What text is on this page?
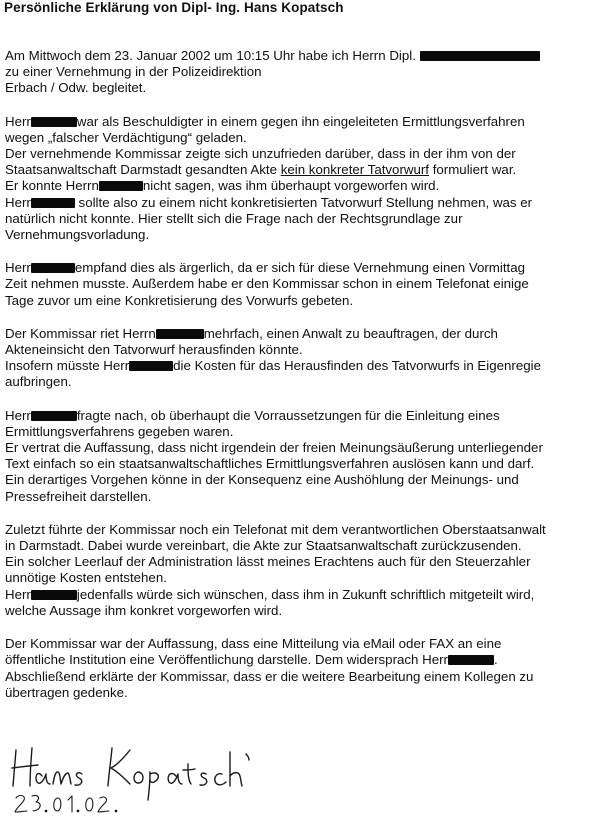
Persönliche Erklärung von Dipl- Ing. Hans Kopatsch
Am Mittwoch dem 23. Januar 2002 um 10:15 Uhr habe ich Herrn Dipl.
zu einer Vernehmung in der Polizeidirektion
Erbach / Odw. begleitet.
Herr	war als Beschuldigter in einem gegen ihn eingeleiteten Ermittlungsverfahren
wegen „falscher Verdächtigung“ geladen.
Der vernehmende Kommissar zeigte sich unzufrieden darüber, dass in der ihm von der
Staatsanwaltschaft Darmstadt gesandten Akte kein konkreter Tatvorwurf formuliert war.
Er konnte Herrn	nicht sagen, was ihm überhaupt vorgeworfen wird.
Herr	sollte also zu einem nicht konkretisierten Tatvorwurf Stellung nehmen, was er
natürlich nicht konnte. Hier stellt sich die Frage nach der Rechtsgrundlage zur
Vernehmungsvorladung.
Herr	empfand dies als ärgerlich, da er sich für diese Vernehmung einen Vormittag
Zeit nehmen musste. Außerdem habe er den Kommissar schon in einem Telefonat einige
Tage zuvor um eine Konkretisierung des Vorwurfs gebeten.
Der Kommissar riet Herrn	mehrfach, einen Anwalt zu beauftragen, der durch
Akteneinsicht den Tatvorwurf herausfinden könnte.
Insofern müsste Herr	die Kosten für das Herausfinden des Tatvorwurfs in Eigenregie
aufbringen.
Herr	fragte nach, ob überhaupt die Vorraussetzungen für die Einleitung eines
Ermittlungsverfahrens gegeben waren.
Er vertrat die Auffassung, dass nicht irgendein der freien Meinungsäußerung unterliegender
Text einfach so ein staatsanwaltschaftliches Ermittlungsverfahren auslösen kann und darf.
Ein derartiges Vorgehen könne in der Konsequenz eine Aushöhlung der Meinungs- und
Pressefreiheit darstellen.
Zuletzt führte der Kommissar noch ein Telefonat mit dem verantwortlichen Oberstaatsanwalt
in Darmstadt. Dabei wurde vereinbart, die Akte zur Staatsanwaltschaft zurückzusenden.
Ein solcher Leerlauf der Administration lässt meines Erachtens auch für den Steuerzahler
unnötige Kosten entstehen.
Herr	jedenfalls würde sich wünschen, dass ihm in Zukunft schriftlich mitgeteilt wird,
welche Aussage ihm konkret vorgeworfen wird.
Der Kommissar war der Auffassung, dass eine Mitteilung via eMail oder FAX an eine
öffentliche Institution eine Veröffentlichung darstelle. Dem widersprach Herr	.
Abschließend erklärte der Kommissar, dass er die weitere Bearbeitung einem Kollegen zu
übertragen gedenke.
